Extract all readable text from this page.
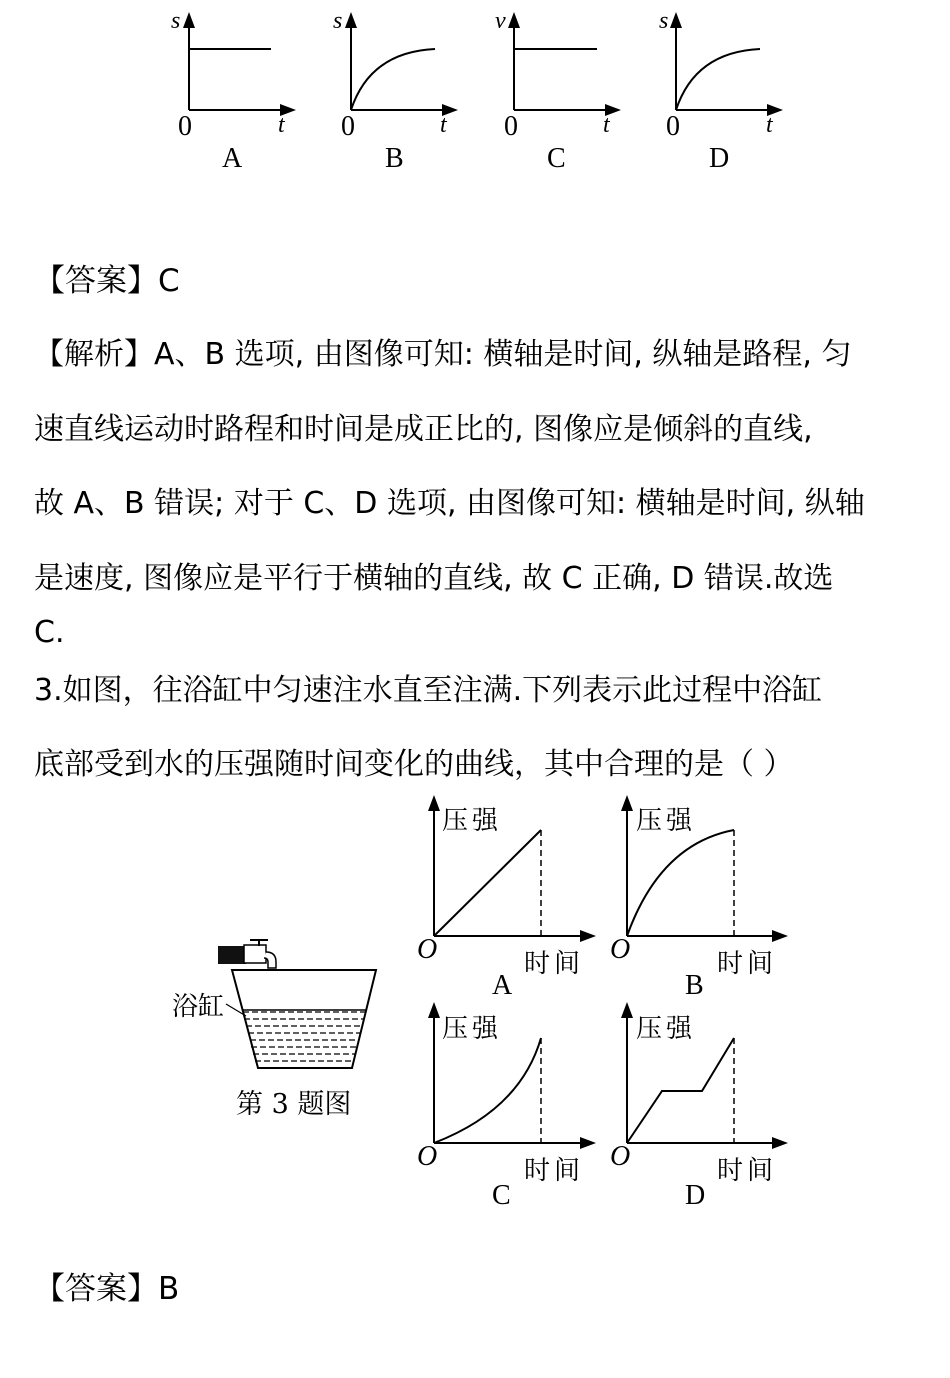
s
t
0
A
s
t
0
B
v
t
0
C
s
t
0
D
【答案】C
【解析】A、B 选项, 由图像可知: 横轴是时间, 纵轴是路程, 匀
速直线运动时路程和时间是成正比的, 图像应是倾斜的直线,
故 A、B 错误; 对于 C、D 选项, 由图像可知: 横轴是时间, 纵轴
是速度, 图像应是平行于横轴的直线, 故 C 正确, D 错误.故选
C.
3.如图，往浴缸中匀速注水直至注满.下列表示此过程中浴缸
底部受到水的压强随时间变化的曲线，其中合理的是（ ）
浴缸
第 3 题图
压强
时间
O
A
压强
时间
O
B
压强
时间
O
C
压强
时间
O
D
【答案】B
